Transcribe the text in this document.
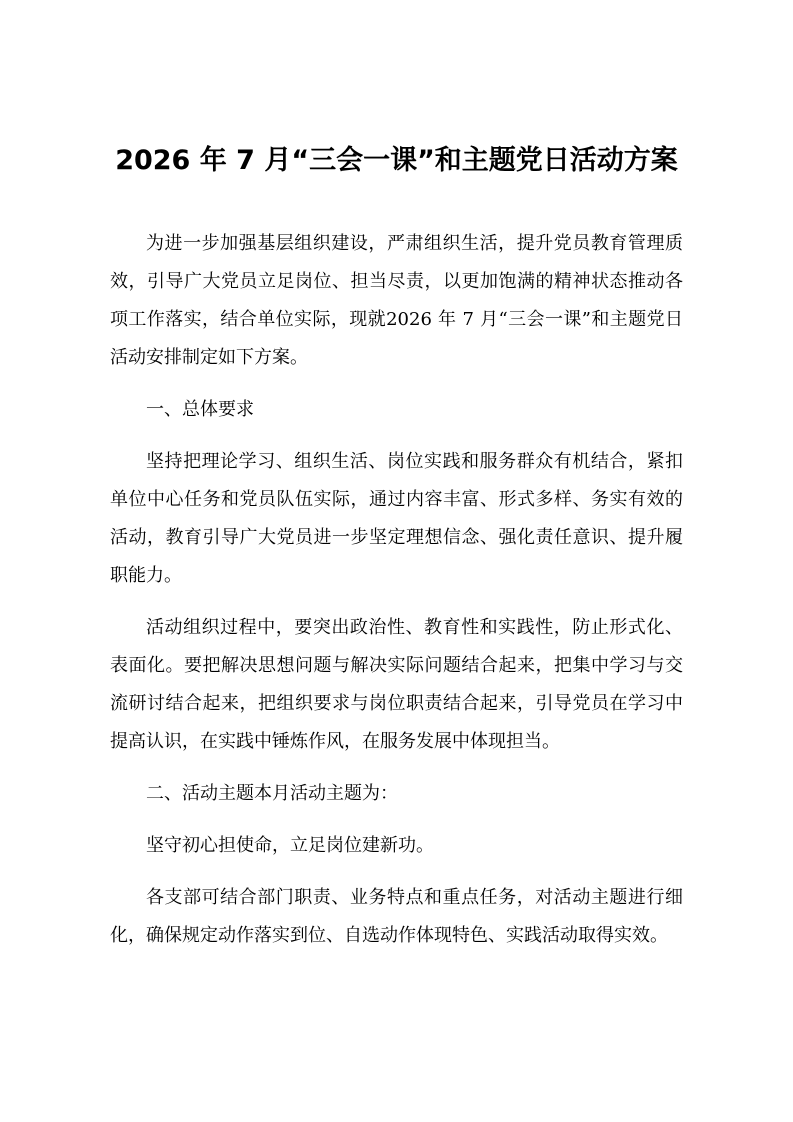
2026 年 7 月“三会一课”和主题党日活动方案

为进一步加强基层组织建设，严肃组织生活，提升党员教育管理质效，引导广大党员立足岗位、担当尽责，以更加饱满的精神状态推动各项工作落实，结合单位实际，现就2026 年 7 月“三会一课”和主题党日活动安排制定如下方案。

一、总体要求

坚持把理论学习、组织生活、岗位实践和服务群众有机结合，紧扣单位中心任务和党员队伍实际，通过内容丰富、形式多样、务实有效的活动，教育引导广大党员进一步坚定理想信念、强化责任意识、提升履职能力。

活动组织过程中，要突出政治性、教育性和实践性，防止形式化、表面化。要把解决思想问题与解决实际问题结合起来，把集中学习与交流研讨结合起来，把组织要求与岗位职责结合起来，引导党员在学习中提高认识，在实践中锤炼作风，在服务发展中体现担当。

二、活动主题本月活动主题为：

坚守初心担使命，立足岗位建新功。

各支部可结合部门职责、业务特点和重点任务，对活动主题进行细化，确保规定动作落实到位、自选动作体现特色、实践活动取得实效。
